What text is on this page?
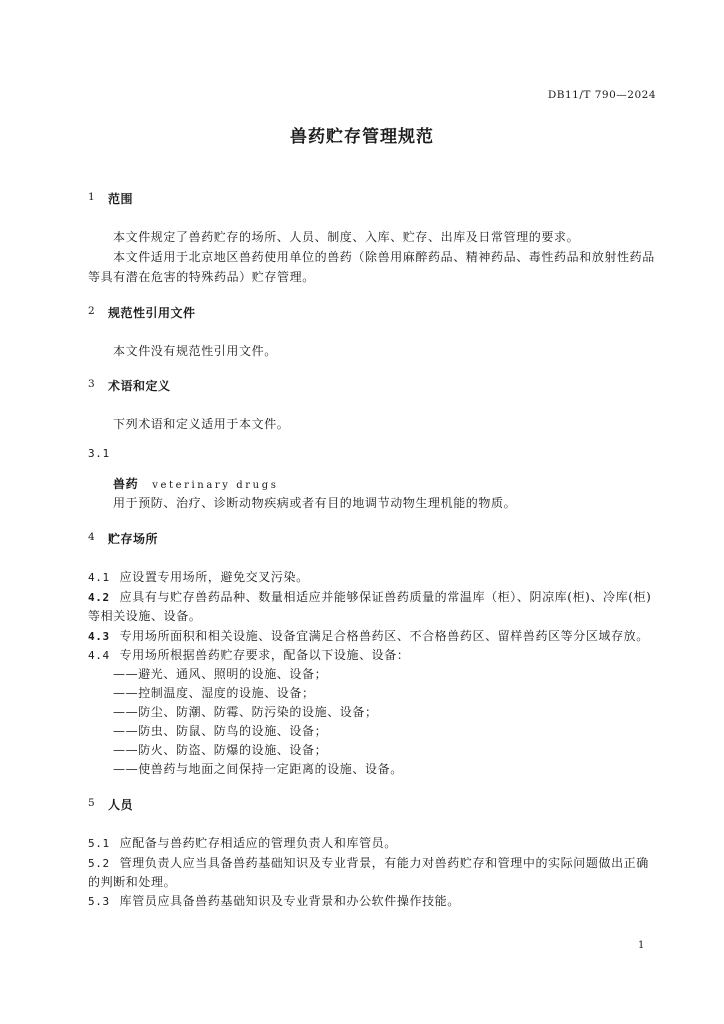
DB11/T 790—2024
兽药贮存管理规范
1 范围
本文件规定了兽药贮存的场所、人员、制度、入库、贮存、出库及日常管理的要求。
本文件适用于北京地区兽药使用单位的兽药（除兽用麻醉药品、精神药品、毒性药品和放射性药品
等具有潜在危害的特殊药品）贮存管理。
2 规范性引用文件
本文件没有规范性引用文件。
3 术语和定义
下列术语和定义适用于本文件。
3.1
兽药 veterinary drugs
用于预防、治疗、诊断动物疾病或者有目的地调节动物生理机能的物质。
4 贮存场所
4.1 应设置专用场所，避免交叉污染。
4.2 应具有与贮存兽药品种、数量相适应并能够保证兽药质量的常温库（柜）、阴凉库(柜)、冷库(柜)
等相关设施、设备。
4.3 专用场所面积和相关设施、设备宜满足合格兽药区、不合格兽药区、留样兽药区等分区域存放。
4.4 专用场所根据兽药贮存要求，配备以下设施、设备：
——避光、通风、照明的设施、设备；
——控制温度、湿度的设施、设备；
——防尘、防潮、防霉、防污染的设施、设备；
——防虫、防鼠、防鸟的设施、设备；
——防火、防盗、防爆的设施、设备；
——使兽药与地面之间保持一定距离的设施、设备。
5 人员
5.1 应配备与兽药贮存相适应的管理负责人和库管员。
5.2 管理负责人应当具备兽药基础知识及专业背景，有能力对兽药贮存和管理中的实际问题做出正确
的判断和处理。
5.3 库管员应具备兽药基础知识及专业背景和办公软件操作技能。
1
